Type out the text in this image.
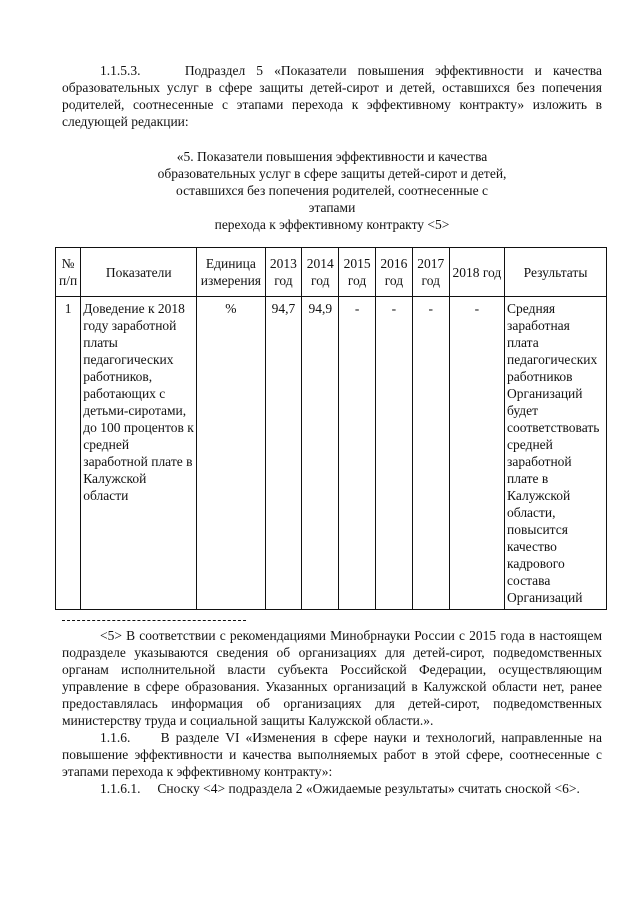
1.1.5.3.	Подраздел 5 «Показатели повышения эффективности и качества образовательных услуг в сфере защиты детей-сирот и детей, оставшихся без попечения родителей, соотнесенные с этапами перехода к эффективному контракту» изложить в следующей редакции:

«5. Показатели повышения эффективности и качества
образовательных услуг в сфере защиты детей-сирот и детей,
оставшихся без попечения родителей, соотнесенные с этапами
перехода к эффективному контракту <5>
№ п/п	Показатели	Единица измерения	2013 год	2014 год	2015 год	2016 год	2017 год	2018 год	Результаты
1	Доведение к 2018 году заработной платы педагогических работников, работающих с детьми-сиротами, до 100 процентов к средней заработной плате в Калужской области	%	94,7	94,9	-	-	-	-	Средняя заработная плата педагогических работников Организаций будет соответствовать средней заработной плате в Калужской области, повысится качество кадрового состава Организаций

<5> В соответствии с рекомендациями Минобрнауки России с 2015 года в настоящем подразделе указываются сведения об организациях для детей-сирот, подведомственных органам исполнительной власти субъекта Российской Федерации, осуществляющим управление в сфере образования. Указанных организаций в Калужской области нет, ранее предоставлялась информация об организациях для детей-сирот, подведомственных министерству труда и социальной защиты Калужской области.».

1.1.6. В разделе VI «Изменения в сфере науки и технологий, направленные на повышение эффективности и качества выполняемых работ в этой сфере, соотнесенные с этапами перехода к эффективному контракту»:

1.1.6.1. Сноску <4> подраздела 2 «Ожидаемые результаты» считать сноской <6>.
